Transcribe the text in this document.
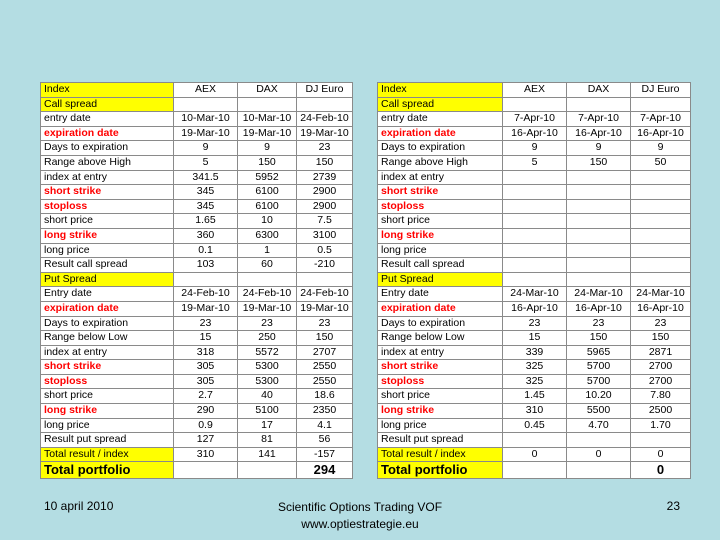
Index	AEX	DAX	DJ Euro
Call spread			
entry date	10-Mar-10	10-Mar-10	24-Feb-10
expiration date	19-Mar-10	19-Mar-10	19-Mar-10
Days to expiration	9	9	23
Range above High	5	150	150
index at entry	341.5	5952	2739
short strike	345	6100	2900
stoploss	345	6100	2900
short price	1.65	10	7.5
long strike	360	6300	3100
long price	0.1	1	0.5
Result call spread	103	60	-210
Put Spread			
Entry date	24-Feb-10	24-Feb-10	24-Feb-10
expiration date	19-Mar-10	19-Mar-10	19-Mar-10
Days to expiration	23	23	23
Range below Low	15	250	150
index at entry	318	5572	2707
short strike	305	5300	2550
stoploss	305	5300	2550
short price	2.7	40	18.6
long strike	290	5100	2350
long price	0.9	17	4.1
Result put spread	127	81	56
Total result / index	310	141	-157
Total portfolio			294
Index	AEX	DAX	DJ Euro
Call spread			
entry date	7-Apr-10	7-Apr-10	7-Apr-10
expiration date	16-Apr-10	16-Apr-10	16-Apr-10
Days to expiration	9	9	9
Range above High	5	150	50
index at entry			
short strike			
stoploss			
short price			
long strike			
long price			
Result call spread			
Put Spread			
Entry date	24-Mar-10	24-Mar-10	24-Mar-10
expiration date	16-Apr-10	16-Apr-10	16-Apr-10
Days to expiration	23	23	23
Range below Low	15	150	150
index at entry	339	5965	2871
short strike	325	5700	2700
stoploss	325	5700	2700
short price	1.45	10.20	7.80
long strike	310	5500	2500
long price	0.45	4.70	1.70
Result put spread			
Total result / index	0	0	0
Total portfolio			0
10 april 2010	Scientific Options Trading VOF
www.optiestrategie.eu
23
